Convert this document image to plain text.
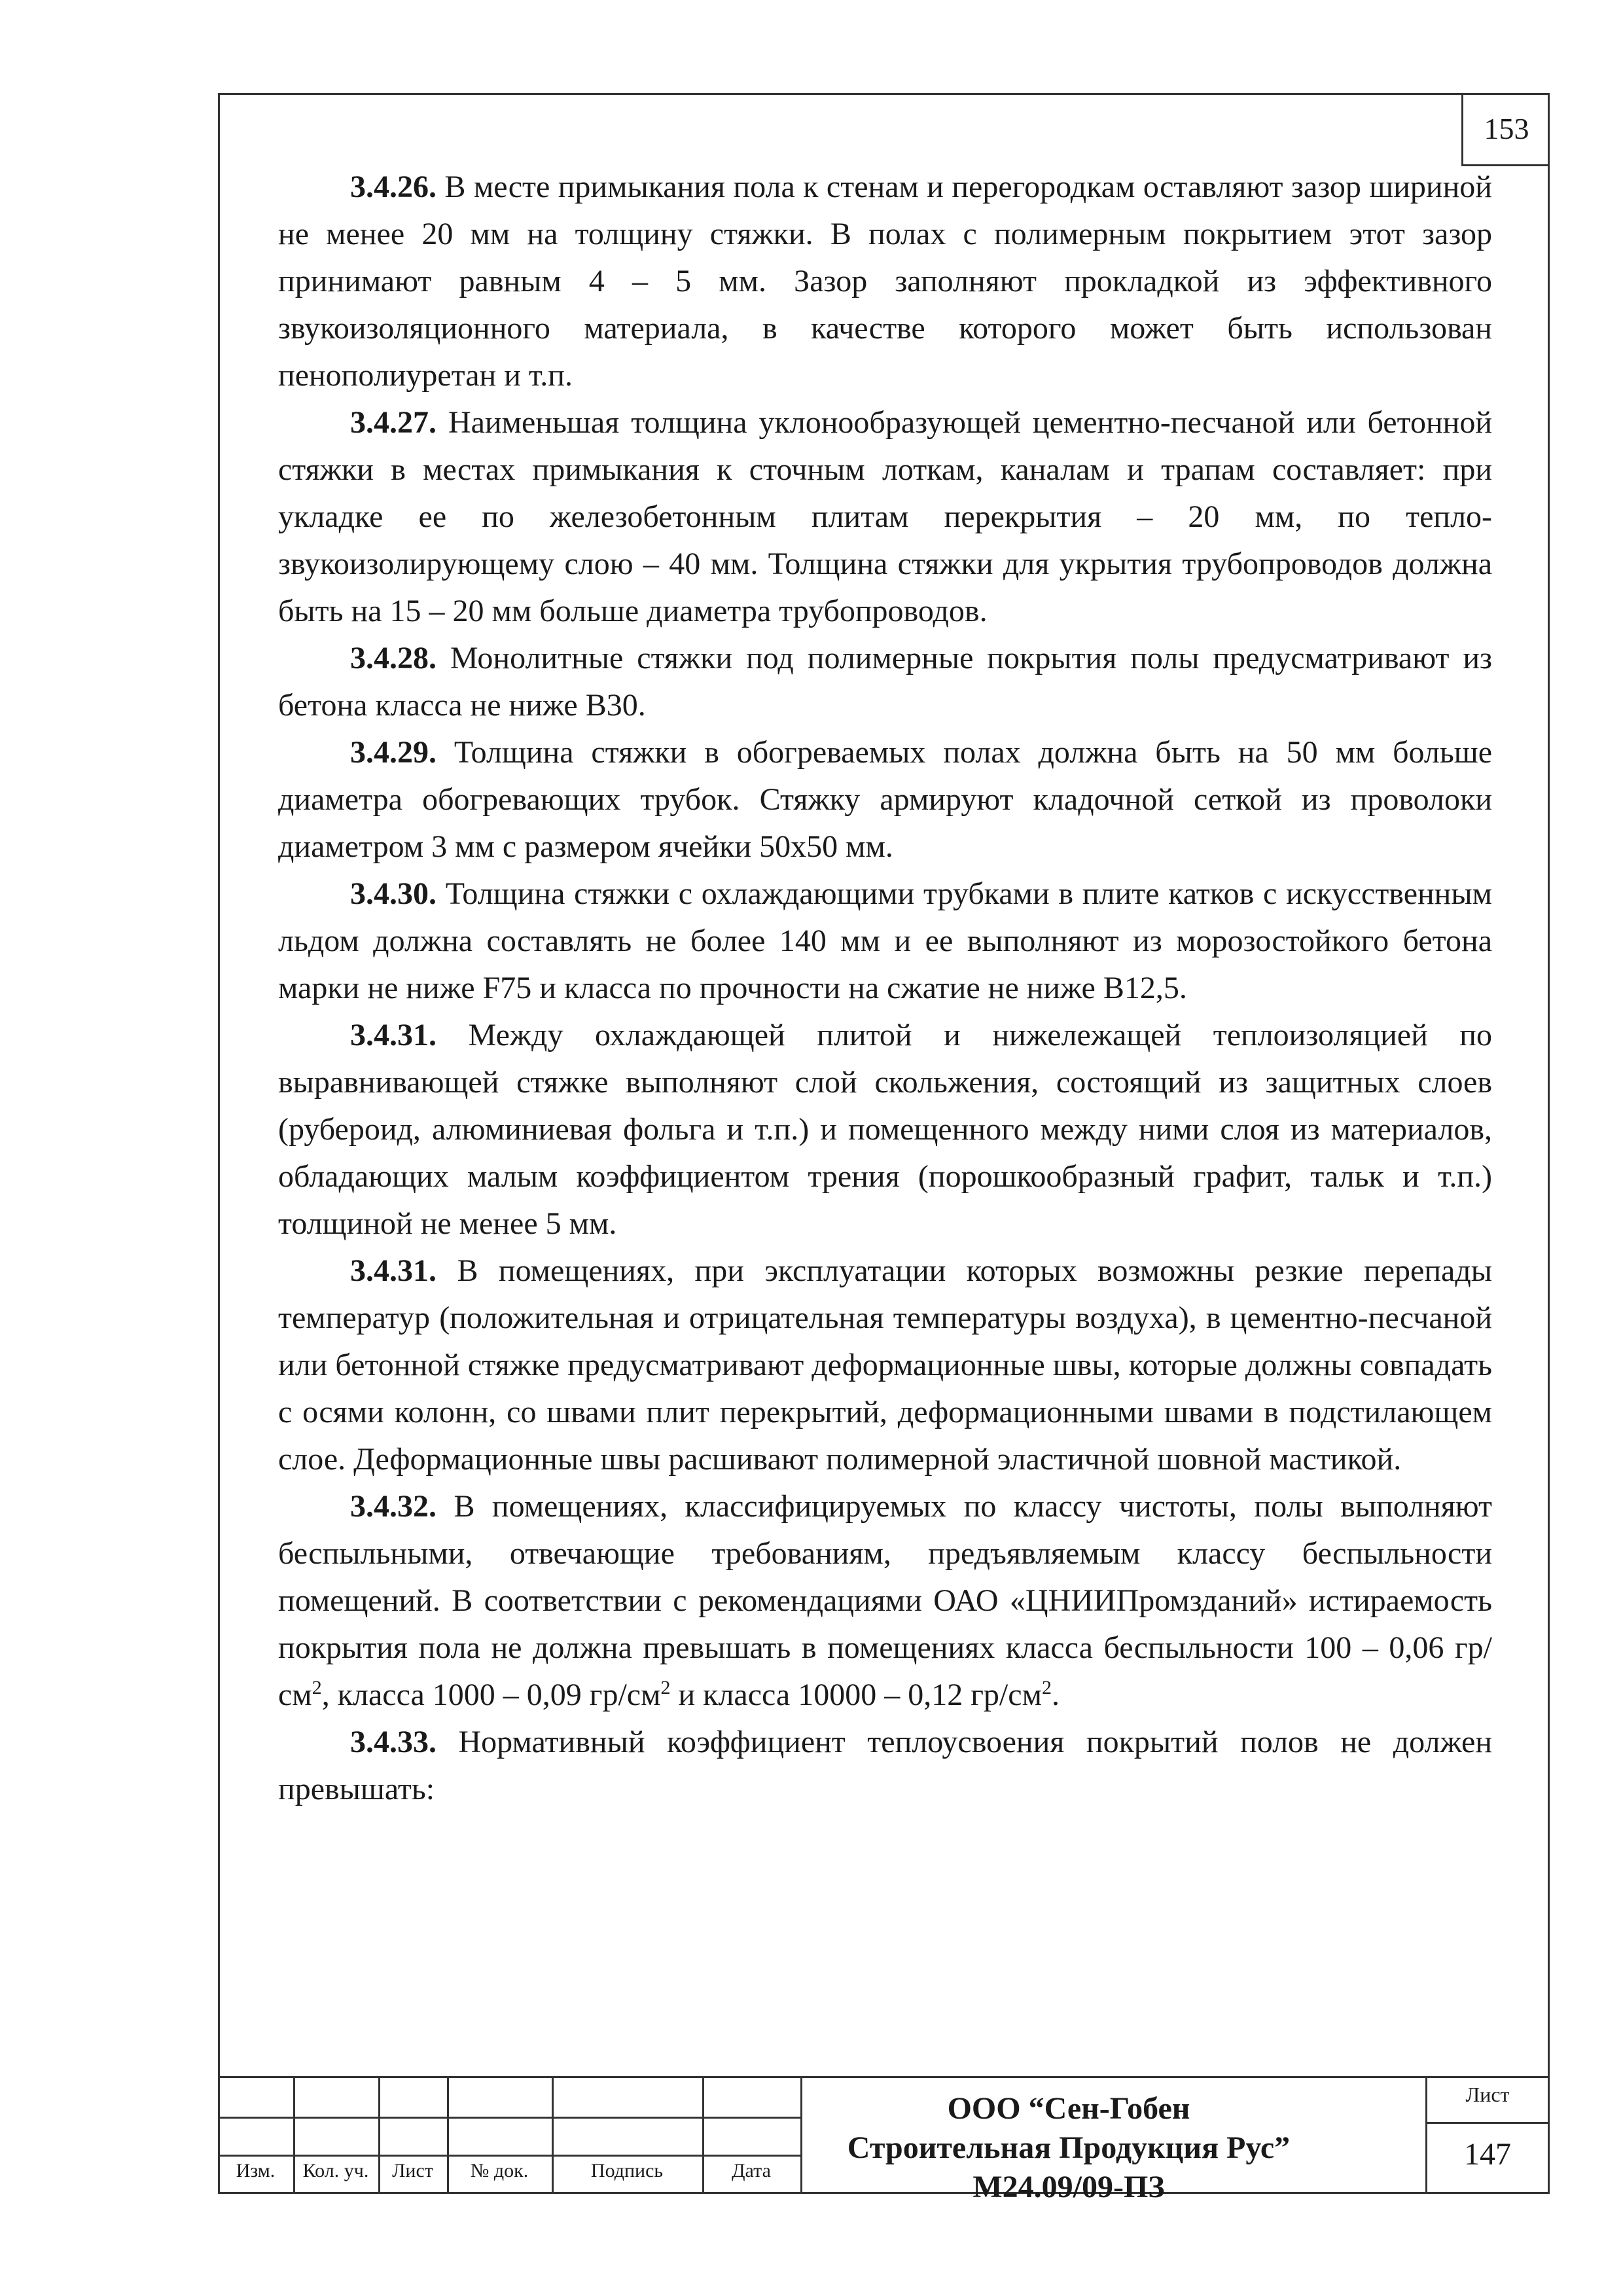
153

3.4.26. В месте примыкания пола к стенам и перегородкам оставляют зазор шириной не менее 20 мм на толщину стяжки. В полах с полимерным покрытием этот зазор принимают равным 4 – 5 мм. Зазор заполняют прокладкой из эффективного звукоизоляционного материала, в качестве которого может быть использован пенополиуретан и т.п.

3.4.27. Наименьшая толщина уклонообразующей цементно-песчаной или бетонной стяжки в местах примыкания к сточным лоткам, каналам и трапам составляет: при укладке ее по железобетонным плитам перекрытия – 20 мм, по тепло-звукоизолирующему слою – 40 мм. Толщина стяжки для укрытия трубопроводов должна быть на 15 – 20 мм больше диаметра трубопроводов.

3.4.28. Монолитные стяжки под полимерные покрытия полы предусматривают из бетона класса не ниже В30.

3.4.29. Толщина стяжки в обогреваемых полах должна быть на 50 мм больше диаметра обогревающих трубок. Стяжку армируют кладочной сеткой из проволоки диаметром 3 мм с размером ячейки 50х50 мм.

3.4.30. Толщина стяжки с охлаждающими трубками в плите катков с искусственным льдом должна составлять не более 140 мм и ее выполняют из морозостойкого бетона марки не ниже F75 и класса по прочности на сжатие не ниже В12,5.

3.4.31. Между охлаждающей плитой и нижележащей теплоизоляцией по выравнивающей стяжке выполняют слой скольжения, состоящий из защитных слоев (рубероид, алюминиевая фольга и т.п.) и помещенного между ними слоя из материалов, обладающих малым коэффициентом трения (порошкообразный графит, тальк и т.п.) толщиной не менее 5 мм.

3.4.31. В помещениях, при эксплуатации которых возможны резкие перепады температур (положительная и отрицательная температуры воздуха), в цементно-песчаной или бетонной стяжке предусматривают деформационные швы, которые должны совпадать с осями колонн, со швами плит перекрытий, деформационными швами в подстилающем слое. Деформационные швы расшивают полимерной эластичной шовной мастикой.

3.4.32. В помещениях, классифицируемых по классу чистоты, полы выполняют беспыльными, отвечающие требованиям, предъявляемым классу беспыльности помещений. В соответствии с рекомендациями ОАО «ЦНИИПромзданий» истираемость покрытия пола не должна превышать в помещениях класса беспыльности 100 – 0,06 $гр/см^2$, класса 1000 – 0,09 $гр/см^2$ и класса 10000 – 0,12 $гр/см^2$.

3.4.33. Нормативный коэффициент теплоусвоения покрытий полов не должен превышать:

Изм.	Кол. уч.	Лист	№ док.	Подпись	Дата
ООО “Сен-Гобен
Строительная Продукция Рус”
М24.09/09-ПЗ
Лист
147
